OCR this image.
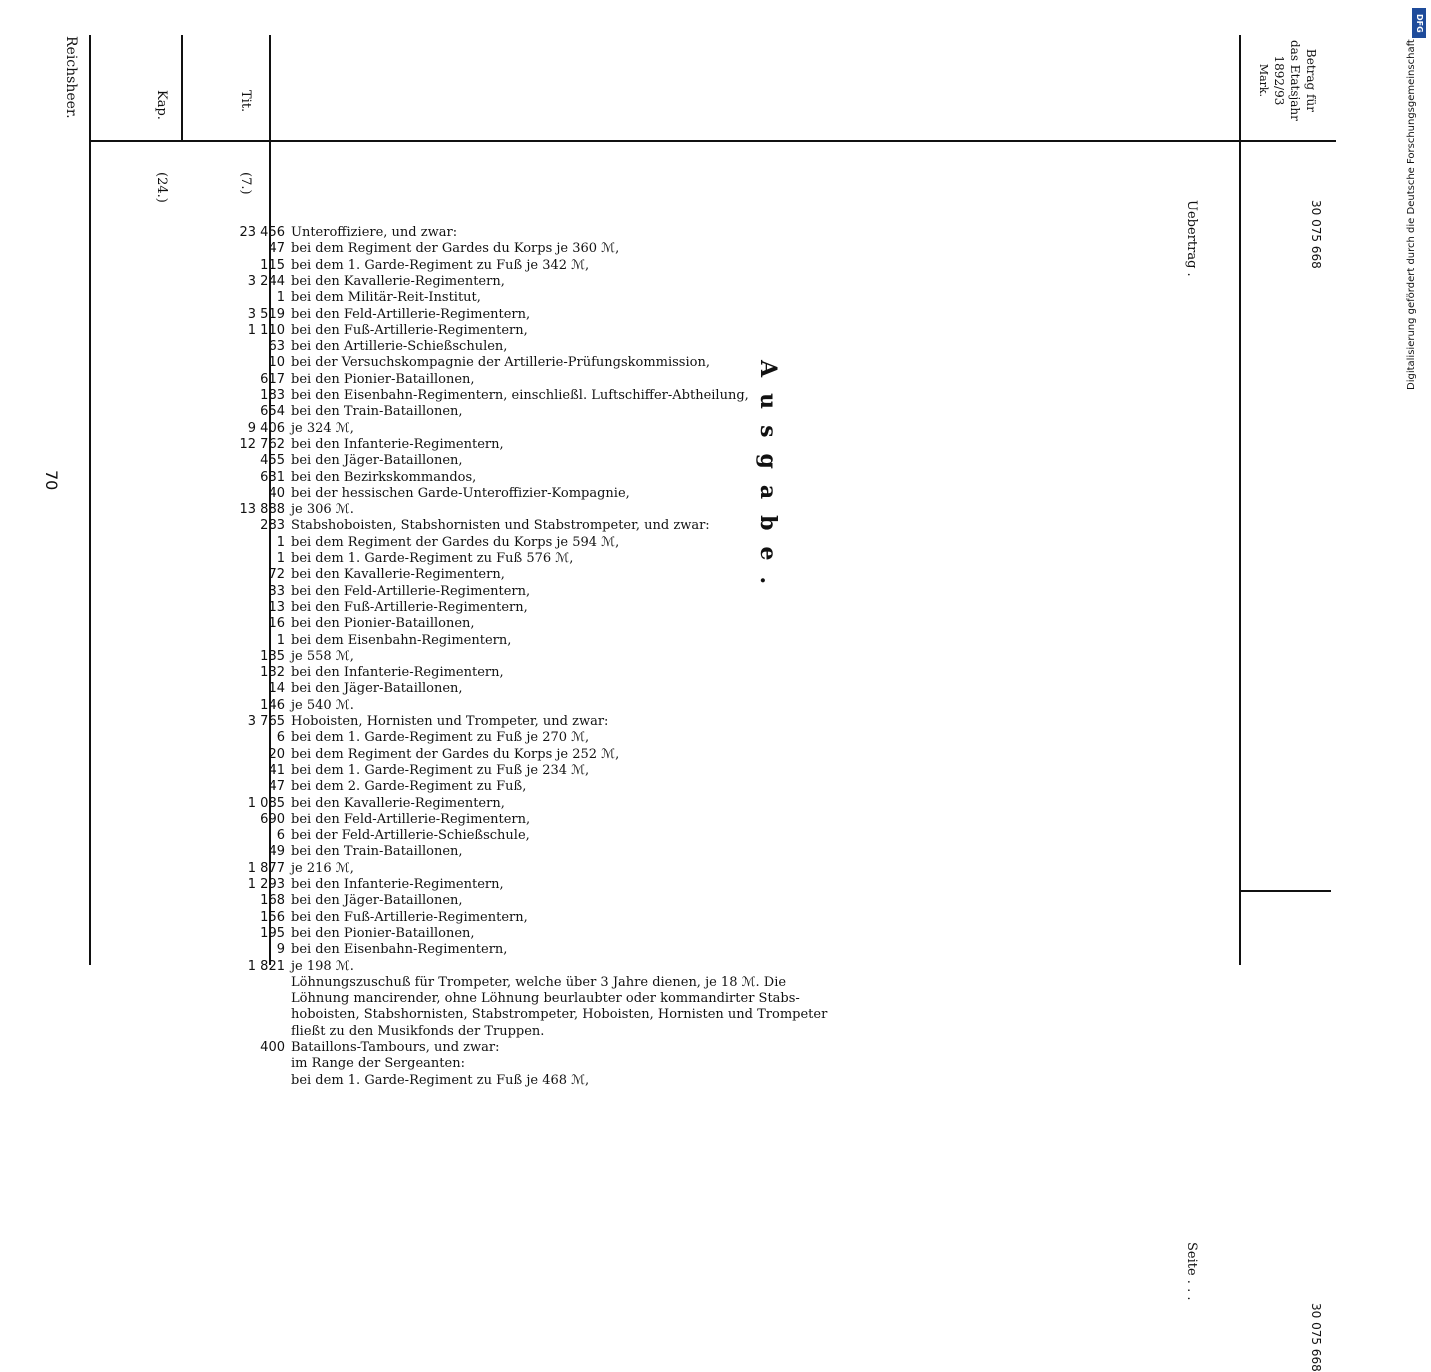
Reichsheer.
70
Kap.	Tit.
Ausgabe.
Betrag für
das Etatsjahr
1892/93
Mark.
(24.)	(7.)
Uebertrag .	30 075 668
23 456 Unteroffiziere, und zwar:
47 bei dem Regiment der Gardes du Korps je 360 ℳ,
115 bei dem 1. Garde-Regiment zu Fuß je 342 ℳ,
3 244 bei den Kavallerie-Regimentern,
1 bei dem Militär-Reit-Institut,
3 519 bei den Feld-Artillerie-Regimentern,
1 110 bei den Fuß-Artillerie-Regimentern,
63 bei den Artillerie-Schießschulen,
10 bei der Versuchskompagnie der Artillerie-Prüfungskommission,
617 bei den Pionier-Bataillonen,
183 bei den Eisenbahn-Regimentern, einschließl. Luftschiffer-Abtheilung,
654 bei den Train-Bataillonen,
9 406 je 324 ℳ,
12 762 bei den Infanterie-Regimentern,
455 bei den Jäger-Bataillonen,
631 bei den Bezirkskommandos,
40 bei der hessischen Garde-Unteroffizier-Kompagnie,
13 888 je 306 ℳ.
283 Stabshoboisten, Stabshornisten und Stabstrompeter, und zwar:
1 bei dem Regiment der Gardes du Korps je 594 ℳ,
1 bei dem 1. Garde-Regiment zu Fuß 576 ℳ,
72 bei den Kavallerie-Regimentern,
33 bei den Feld-Artillerie-Regimentern,
13 bei den Fuß-Artillerie-Regimentern,
16 bei den Pionier-Bataillonen,
1 bei dem Eisenbahn-Regimentern,
135 je 558 ℳ,
132 bei den Infanterie-Regimentern,
14 bei den Jäger-Bataillonen,
146 je 540 ℳ.
3 765 Hoboisten, Hornisten und Trompeter, und zwar:
6 bei dem 1. Garde-Regiment zu Fuß je 270 ℳ,
20 bei dem Regiment der Gardes du Korps je 252 ℳ,
41 bei dem 1. Garde-Regiment zu Fuß je 234 ℳ,
47 bei dem 2. Garde-Regiment zu Fuß,
1 085 bei den Kavallerie-Regimentern,
690 bei den Feld-Artillerie-Regimentern,
6 bei der Feld-Artillerie-Schießschule,
49 bei den Train-Bataillonen,
1 877 je 216 ℳ,
1 293 bei den Infanterie-Regimentern,
168 bei den Jäger-Bataillonen,
156 bei den Fuß-Artillerie-Regimentern,
195 bei den Pionier-Bataillonen,
9 bei den Eisenbahn-Regimentern,
1 821 je 198 ℳ.
Löhnungszuschuß für Trompeter, welche über 3 Jahre dienen, je 18 ℳ. Die
Löhnung mancirender, ohne Löhnung beurlaubter oder kommandirter Stabs-
hoboisten, Stabshornisten, Stabstrompeter, Hoboisten, Hornisten und Trompeter
fließt zu den Musikfonds der Truppen.
400 Bataillons-Tambours, und zwar:
im Range der Sergeanten:
bei dem 1. Garde-Regiment zu Fuß je 468 ℳ,
Seite . . .
30 075 668
DFG
Digitalisierung gefördert durch die Deutsche Forschungsgemeinschaft
